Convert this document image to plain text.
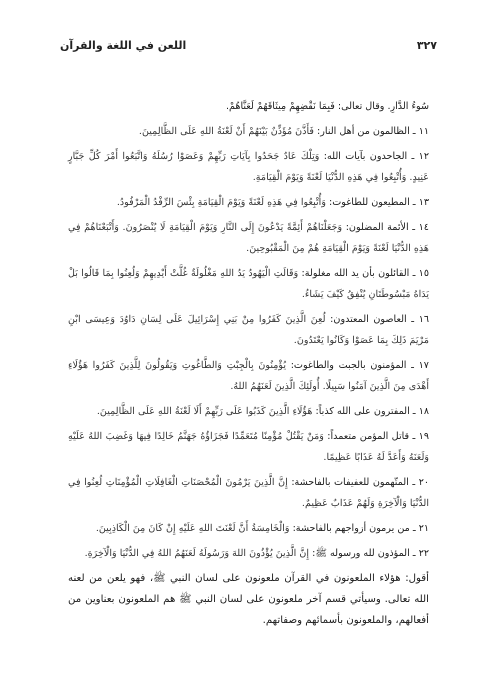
٣٢٧
اللعن في اللغة والقرآن

سُوءُ الدَّارِ. وقال تعالى: فَبِمَا نَقْضِهِمْ مِيثَاقَهُمْ لَعَنَّاهُمْ.

١١ ـ الظالمون من أهل النار: فَأَذَّنَ مُؤَذِّنٌ بَيْنَهُمْ أَنْ لَعْنَةُ اللهِ عَلَى الظَّالِمِينَ.

١٢ ـ الجاحدون بآيات الله: وَتِلْكَ عَادٌ جَحَدُوا بِآيَاتِ رَبِّهِمْ وَعَصَوْا رُسُلَهُ وَاتَّبَعُوا أَمْرَ كُلِّ جَبَّارٍ عَنِيدٍ. وَأُتْبِعُوا فِي هَذِهِ الدُّنْيَا لَعْنَةً وَيَوْمَ الْقِيَامَةِ.

١٣ ـ المطيعون للطاغوت: وَأُتْبِعُوا فِي هَذِهِ لَعْنَةً وَيَوْمَ الْقِيَامَةِ بِئْسَ الرِّفْدُ الْمَرْفُودُ.

١٤ ـ الأئمة المضلون: وَجَعَلْنَاهُمْ أَئِمَّةً يَدْعُونَ إِلَى النَّارِ وَيَوْمَ الْقِيَامَةِ لَا يُنْصَرُونَ. وَأَتْبَعْنَاهُمْ فِي هَذِهِ الدُّنْيَا لَعْنَةً وَيَوْمَ الْقِيَامَةِ هُمْ مِنَ الْمَقْبُوحِينَ.

١٥ ـ القائلون بأن يد الله مغلولة: وَقَالَتِ الْيَهُودُ يَدُ اللهِ مَغْلُولَةٌ غُلَّتْ أَيْدِيهِمْ وَلُعِنُوا بِمَا قَالُوا بَلْ يَدَاهُ مَبْسُوطَتَانِ يُنْفِقُ كَيْفَ يَشَاءُ.

١٦ ـ العاصون المعتدون: لُعِنَ الَّذِينَ كَفَرُوا مِنْ بَنِي إِسْرَائِيلَ عَلَى لِسَانِ دَاوُدَ وَعِيسَى ابْنِ مَرْيَمَ ذَلِكَ بِمَا عَصَوْا وَكَانُوا يَعْتَدُونَ.

١٧ ـ المؤمنون بالجبت والطاغوت: يُؤْمِنُونَ بِالْجِبْتِ وَالطَّاغُوتِ وَيَقُولُونَ لِلَّذِينَ كَفَرُوا هَؤُلَاءِ أَهْدَى مِنَ الَّذِينَ آمَنُوا سَبِيلًا. أُولَئِكَ الَّذِينَ لَعَنَهُمُ اللهُ.

١٨ ـ المفترون على الله كذباً: هَؤُلَاءِ الَّذِينَ كَذَبُوا عَلَى رَبِّهِمْ أَلَا لَعْنَةُ اللهِ عَلَى الظَّالِمِينَ.

١٩ ـ قاتل المؤمن متعمداً: وَمَنْ يَقْتُلْ مُؤْمِنًا مُتَعَمِّدًا فَجَزَاؤُهُ جَهَنَّمُ خَالِدًا فِيهَا وَغَضِبَ اللهُ عَلَيْهِ وَلَعَنَهُ وَأَعَدَّ لَهُ عَذَابًا عَظِيمًا.

٢٠ ـ المتّهمون للعفيفات بالفاحشة: إِنَّ الَّذِينَ يَرْمُونَ الْمُحْصَنَاتِ الْغَافِلَاتِ الْمُؤْمِنَاتِ لُعِنُوا فِي الدُّنْيَا وَالْآخِرَةِ وَلَهُمْ عَذَابٌ عَظِيمٌ.

٢١ ـ من يرمون أزواجهم بالفاحشة: وَالْخَامِسَةُ أَنَّ لَعْنَتَ اللهِ عَلَيْهِ إِنْ كَانَ مِنَ الْكَاذِبِينَ.

٢٢ ـ المؤذون لله ورسوله ﷺ: إِنَّ الَّذِينَ يُؤْذُونَ اللهَ وَرَسُولَهُ لَعَنَهُمُ اللهُ فِي الدُّنْيَا وَالْآخِرَةِ.

أقول: هؤلاء الملعونون في القرآن ملعونون على لسان النبي ﷺ، فهو يلعن من لعنه الله تعالى. وسيأتي قسم آخر ملعونون على لسان النبي ﷺ هم الملعونون بعناوين من أفعالهم، والملعونون بأسمائهم وصفاتهم.
